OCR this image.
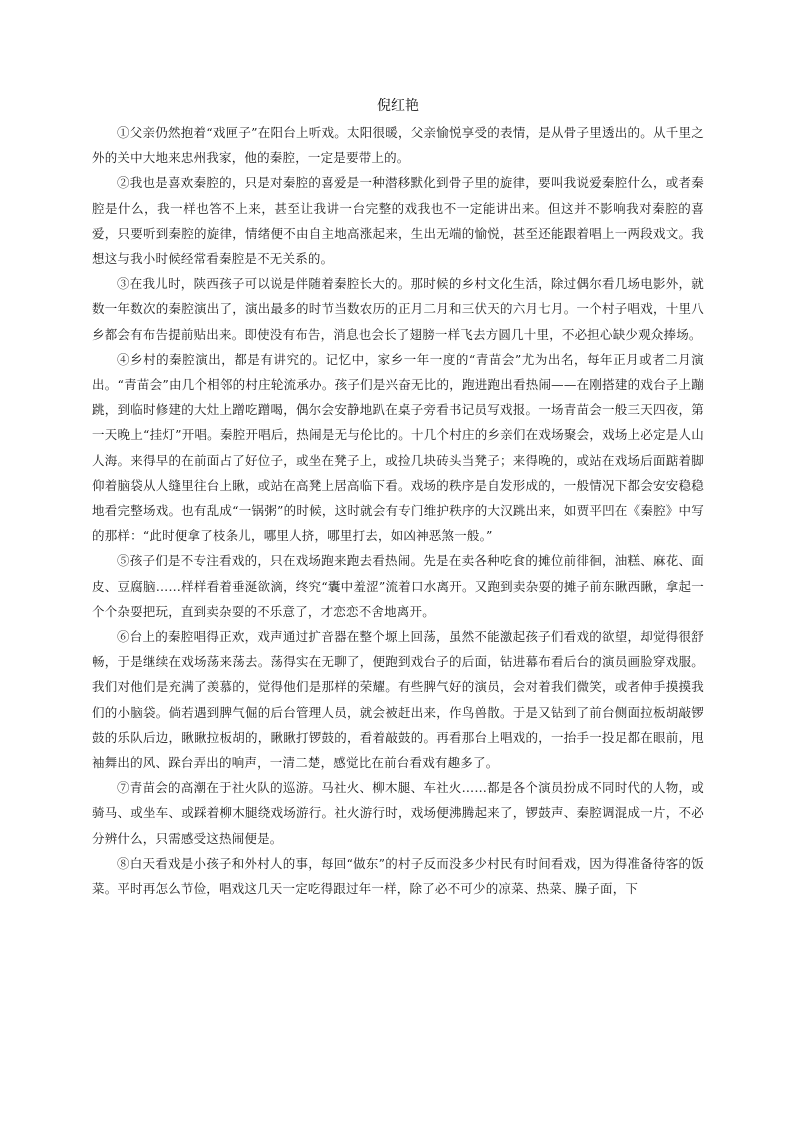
倪红艳

①父亲仍然抱着“戏匣子”在阳台上听戏。太阳很暖，父亲愉悦享受的表情，是从骨子里透出的。从千里之外的关中大地来忠州我家，他的秦腔，一定是要带上的。

②我也是喜欢秦腔的，只是对秦腔的喜爱是一种潜移默化到骨子里的旋律，要叫我说爱秦腔什么，或者秦腔是什么，我一样也答不上来，甚至让我讲一台完整的戏我也不一定能讲出来。但这并不影响我对秦腔的喜爱，只要听到秦腔的旋律，情绪便不由自主地高涨起来，生出无端的愉悦，甚至还能跟着唱上一两段戏文。我想这与我小时候经常看秦腔是不无关系的。

③在我儿时，陕西孩子可以说是伴随着秦腔长大的。那时候的乡村文化生活，除过偶尔看几场电影外，就数一年数次的秦腔演出了，演出最多的时节当数农历的正月二月和三伏天的六月七月。一个村子唱戏，十里八乡都会有布告提前贴出来。即使没有布告，消息也会长了翅膀一样飞去方圆几十里，不必担心缺少观众捧场。

④乡村的秦腔演出，都是有讲究的。记忆中，家乡一年一度的“青苗会”尤为出名，每年正月或者二月演出。“青苗会”由几个相邻的村庄轮流承办。孩子们是兴奋无比的，跑进跑出看热闹——在刚搭建的戏台子上蹦跳，到临时修建的大灶上蹭吃蹭喝，偶尔会安静地趴在桌子旁看书记员写戏报。一场青苗会一般三天四夜，第一天晚上“挂灯”开唱。秦腔开唱后，热闹是无与伦比的。十几个村庄的乡亲们在戏场聚会，戏场上必定是人山人海。来得早的在前面占了好位子，或坐在凳子上，或捡几块砖头当凳子；来得晚的，或站在戏场后面踮着脚仰着脑袋从人缝里往台上瞅，或站在高凳上居高临下看。戏场的秩序是自发形成的，一般情况下都会安安稳稳地看完整场戏。也有乱成“一锅粥”的时候，这时就会有专门维护秩序的大汉跳出来，如贾平凹在《秦腔》中写的那样：“此时便拿了枝条儿，哪里人挤，哪里打去，如凶神恶煞一般。”

⑤孩子们是不专注看戏的，只在戏场跑来跑去看热闹。先是在卖各种吃食的摊位前徘徊，油糕、麻花、面皮、豆腐脑……样样看着垂涎欲滴，终究“囊中羞涩”流着口水离开。又跑到卖杂耍的摊子前东瞅西瞅，拿起一个个杂耍把玩，直到卖杂耍的不乐意了，才恋恋不舍地离开。

⑥台上的秦腔唱得正欢，戏声通过扩音器在整个塬上回荡，虽然不能激起孩子们看戏的欲望，却觉得很舒畅，于是继续在戏场荡来荡去。荡得实在无聊了，便跑到戏台子的后面，钻进幕布看后台的演员画脸穿戏服。我们对他们是充满了羡慕的，觉得他们是那样的荣耀。有些脾气好的演员，会对着我们微笑，或者伸手摸摸我们的小脑袋。倘若遇到脾气倔的后台管理人员，就会被赶出来，作鸟兽散。于是又钻到了前台侧面拉板胡敲锣鼓的乐队后边，瞅瞅拉板胡的，瞅瞅打锣鼓的，看着敲鼓的。再看那台上唱戏的，一抬手一投足都在眼前，甩袖舞出的风、跺台弄出的响声，一清二楚，感觉比在前台看戏有趣多了。

⑦青苗会的高潮在于社火队的巡游。马社火、柳木腿、车社火……都是各个演员扮成不同时代的人物，或骑马、或坐车、或踩着柳木腿绕戏场游行。社火游行时，戏场便沸腾起来了，锣鼓声、秦腔调混成一片，不必分辨什么，只需感受这热闹便是。

⑧白天看戏是小孩子和外村人的事，每回“做东”的村子反而没多少村民有时间看戏，因为得准备待客的饭菜。平时再怎么节俭，唱戏这几天一定吃得跟过年一样，除了必不可少的凉菜、热菜、臊子面，下
